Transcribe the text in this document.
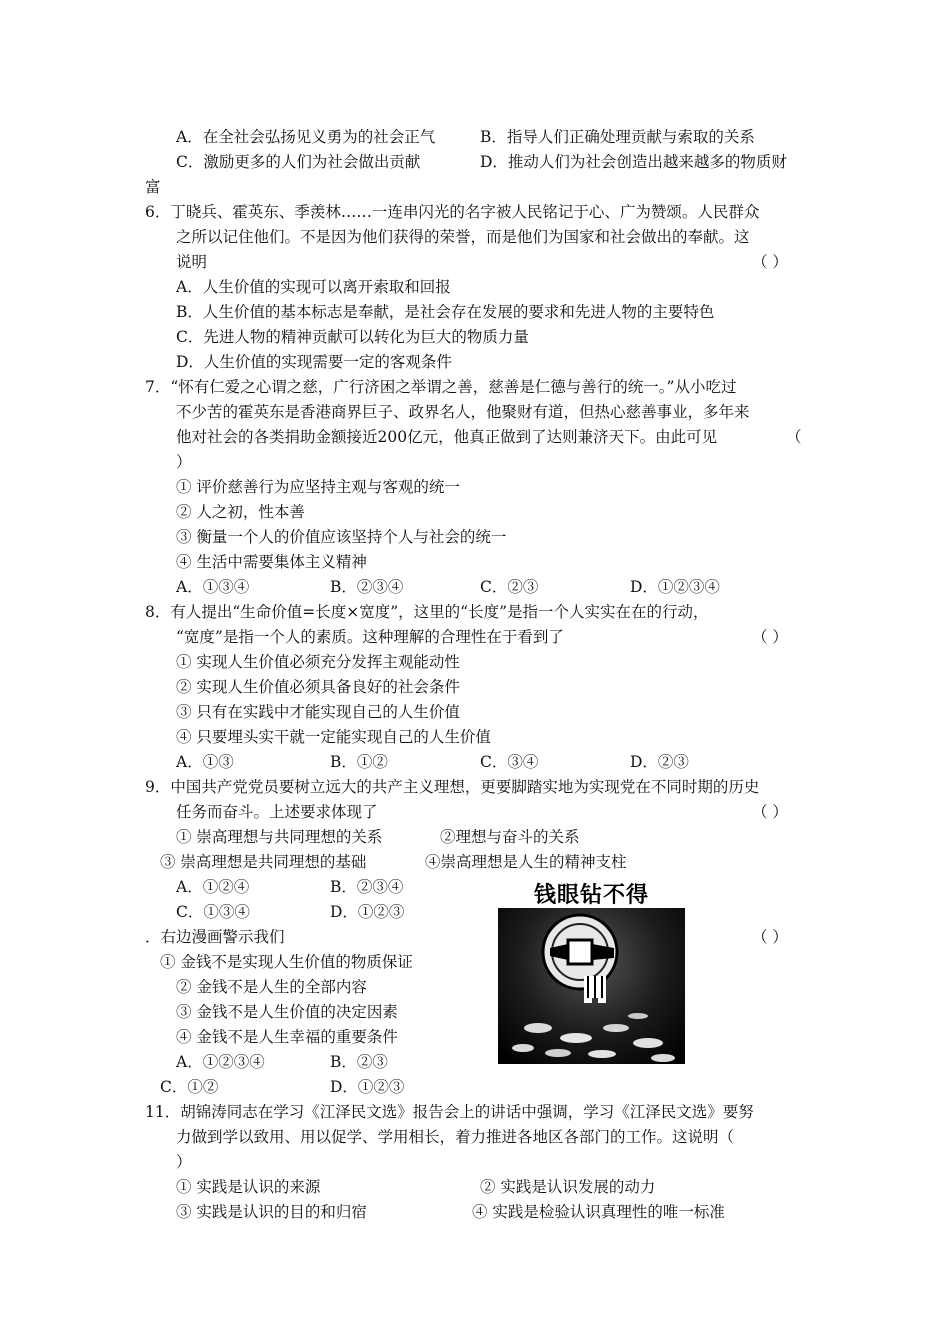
A．在全社会弘扬见义勇为的社会正气	B．指导人们正确处理贡献与索取的关系
C．激励更多的人们为社会做出贡献	D．推动人们为社会创造出越来越多的物质财
富
6．丁晓兵、霍英东、季羡林……一连串闪光的名字被人民铭记于心、广为赞颂。人民群众
之所以记住他们。不是因为他们获得的荣誉，而是他们为国家和社会做出的奉献。这
说明	（ ）
A．人生价值的实现可以离开索取和回报
B．人生价值的基本标志是奉献，是社会存在发展的要求和先进人物的主要特色
C．先进人物的精神贡献可以转化为巨大的物质力量
D．人生价值的实现需要一定的客观条件
7．“怀有仁爱之心谓之慈，广行济困之举谓之善，慈善是仁德与善行的统一。”从小吃过
不少苦的霍英东是香港商界巨子、政界名人，他聚财有道，但热心慈善事业，多年来
他对社会的各类捐助金额接近200亿元，他真正做到了达则兼济天下。由此可见	（
）
① 评价慈善行为应坚持主观与客观的统一
② 人之初，性本善
③ 衡量一个人的价值应该坚持个人与社会的统一
④ 生活中需要集体主义精神
A．①③④	B．②③④	C．②③	D．①②③④
8．有人提出“生命价值=长度×宽度”，这里的“长度”是指一个人实实在在的行动，
“宽度”是指一个人的素质。这种理解的合理性在于看到了	（ ）
① 实现人生价值必须充分发挥主观能动性
② 实现人生价值必须具备良好的社会条件
③ 只有在实践中才能实现自己的人生价值
④ 只要埋头实干就一定能实现自己的人生价值
A．①③	B．①②	C．③④	D．②③
9．中国共产党党员要树立远大的共产主义理想，更要脚踏实地为实现党在不同时期的历史
任务而奋斗。上述要求体现了	（ ）
① 崇高理想与共同理想的关系	②理想与奋斗的关系
③ 崇高理想是共同理想的基础	④崇高理想是人生的精神支柱
A．①②④	B．②③④
C．①③④	D．①②③
．右边漫画警示我们	（ ）
① 金钱不是实现人生价值的物质保证
② 金钱不是人生的全部内容
③ 金钱不是人生价值的决定因素
④ 金钱不是人生幸福的重要条件
A．①②③④	B．②③
C．①②	D．①②③
钱眼钻不得
11．胡锦涛同志在学习《江泽民文选》报告会上的讲话中强调，学习《江泽民文选》要努
力做到学以致用、用以促学、学用相长，着力推进各地区各部门的工作。这说明（
）
① 实践是认识的来源	② 实践是认识发展的动力
③ 实践是认识的目的和归宿	④ 实践是检验认识真理性的唯一标准
